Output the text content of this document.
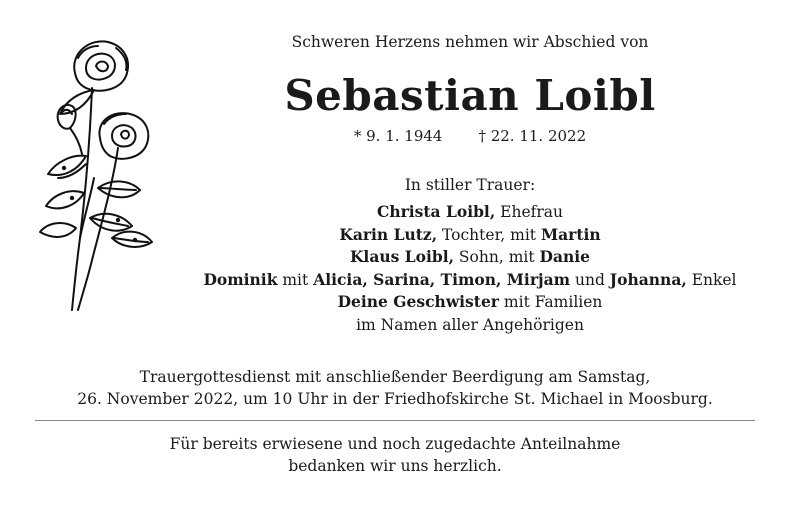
Schweren Herzens nehmen wir Abschied von
Sebastian Loibl
* 9. 1. 1944 † 22. 11. 2022
In stiller Trauer:
Christa Loibl, Ehefrau
Karin Lutz, Tochter, mit Martin
Klaus Loibl, Sohn, mit Danie
Dominik mit Alicia, Sarina, Timon, Mirjam und Johanna, Enkel
Deine Geschwister mit Familien
im Namen aller Angehörigen
Trauergottesdienst mit anschließender Beerdigung am Samstag,
26. November 2022, um 10 Uhr in der Friedhofskirche St. Michael in Moosburg.
Für bereits erwiesene und noch zugedachte Anteilnahme
bedanken wir uns herzlich.
